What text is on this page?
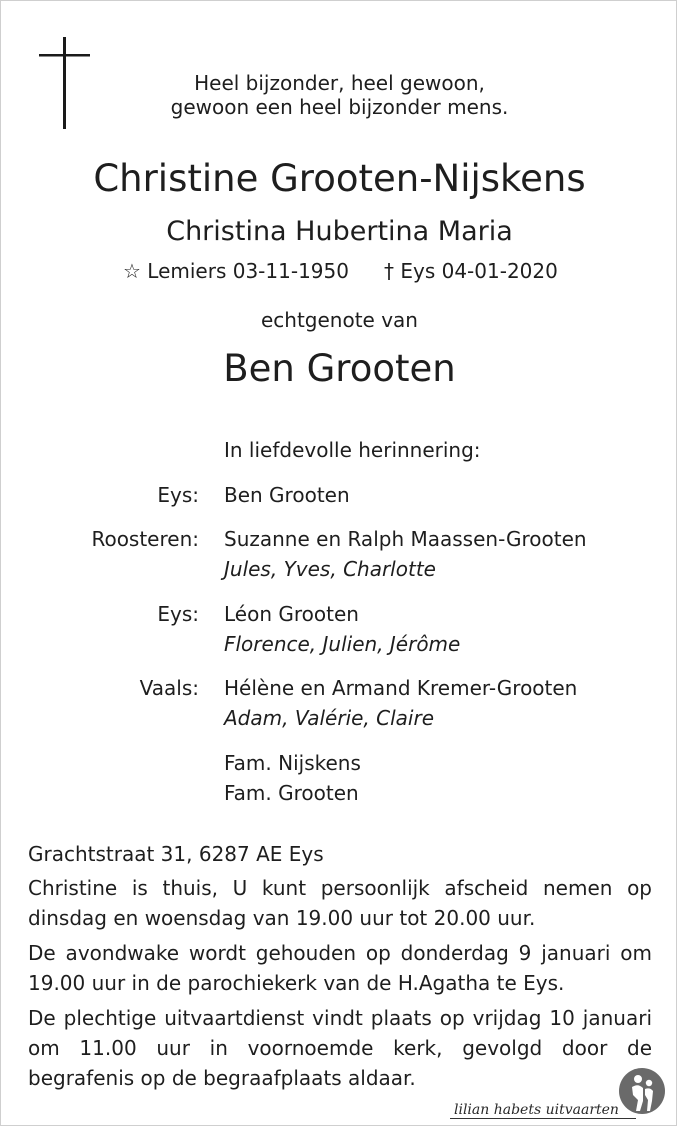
Heel bijzonder, heel gewoon,
gewoon een heel bijzonder mens.
Christine Grooten-Nijskens
Christina Hubertina Maria
☆ Lemiers 03-11-1950 † Eys 04-01-2020
echtgenote van
Ben Grooten
In liefdevolle herinnering:
Eys: Ben Grooten
Roosteren: Suzanne en Ralph Maassen-Grooten
Jules, Yves, Charlotte
Eys: Léon Grooten
Florence, Julien, Jérôme
Vaals: Hélène en Armand Kremer-Grooten
Adam, Valérie, Claire
Fam. Nijskens
Fam. Grooten
Grachtstraat 31, 6287 AE Eys

Christine is thuis, U kunt persoonlijk afscheid nemen op dinsdag en woensdag van 19.00 uur tot 20.00 uur.

De avondwake wordt gehouden op donderdag 9 januari om 19.00 uur in de parochiekerk van de H.Agatha te Eys.

De plechtige uitvaartdienst vindt plaats op vrijdag 10 januari om 11.00 uur in voornoemde kerk, gevolgd door de begrafenis op de begraafplaats aldaar.

lilian habets uitvaarten
